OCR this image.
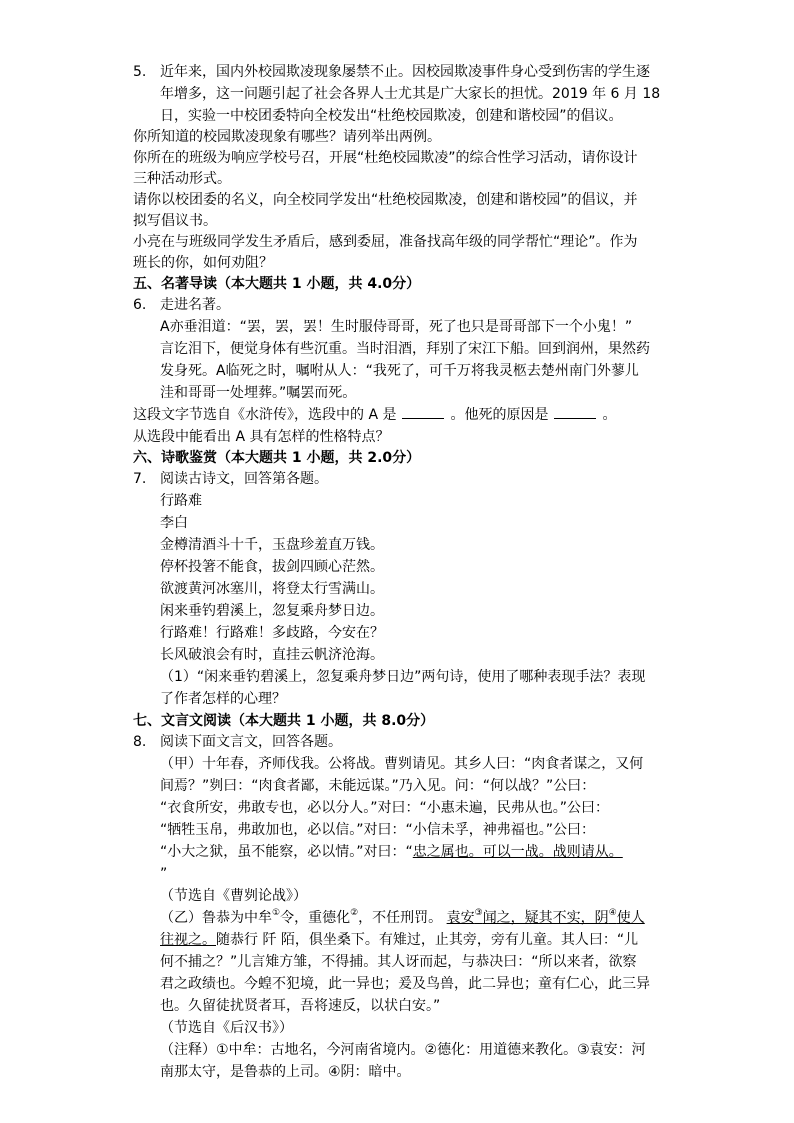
5. 近年来，国内外校园欺凌现象屡禁不止。因校园欺凌事件身心受到伤害的学生逐
年增多，这一问题引起了社会各界人士尤其是广大家长的担忧。2019 年 6 月 18
日，实验一中校团委特向全校发出“杜绝校园欺凌，创建和谐校园”的倡议。
你所知道的校园欺凌现象有哪些？请列举出两例。
你所在的班级为响应学校号召，开展“杜绝校园欺凌”的综合性学习活动，请你设计
三种活动形式。
请你以校团委的名义，向全校同学发出“杜绝校园欺凌，创建和谐校园”的倡议，并
拟写倡议书。
小亮在与班级同学发生矛盾后，感到委屈，准备找高年级的同学帮忙“理论”。作为
班长的你，如何劝阻？
五、名著导读（本大题共 1 小题，共 4.0分）
6. 走进名著。
A亦垂泪道：“罢，罢，罢！生时服侍哥哥，死了也只是哥哥部下一个小鬼！”
言讫泪下，便觉身体有些沉重。当时泪酒，拜别了宋江下船。回到润州，果然药
发身死。A临死之时，嘱咐从人：“我死了，可千万将我灵柩去楚州南门外蓼儿
洼和哥哥一处埋葬。”嘱罢而死。
这段文字节选自《水浒传》，选段中的 A 是	。他死的原因是	。
从选段中能看出 A 具有怎样的性格特点？
六、诗歌鉴赏（本大题共 1 小题，共 2.0分）
7. 阅读古诗文，回答第各题。
行路难
李白
金樽清酒斗十千，玉盘珍羞直万钱。
停杯投箸不能食，拔剑四顾心茫然。
欲渡黄河冰塞川，将登太行雪满山。
闲来垂钓碧溪上，忽复乘舟梦日边。
行路难！行路难！多歧路，今安在？
长风破浪会有时，直挂云帆济沧海。
（1）“闲来垂钓碧溪上，忽复乘舟梦日边”两句诗，使用了哪种表现手法？表现
了作者怎样的心理？
七、文言文阅读（本大题共 1 小题，共 8.0分）
8. 阅读下面文言文，回答各题。
（甲）十年春，齐师伐我。公将战。曹刿请见。其乡人曰：“肉食者谋之，又何
间焉？”刿曰：“肉食者鄙，未能远谋。”乃入见。问：“何以战？”公曰：
“衣食所安，弗敢专也，必以分人。”对曰：“小惠未遍，民弗从也。”公曰：
“牺牲玉帛，弗敢加也，必以信。”对曰：“小信未孚，神弗福也。”公曰：
“小大之狱，虽不能察，必以情。”对曰：“忠之属也。可以一战。战则请从。
”
（节选自《曹刿论战》）
（乙）鲁恭为中牟①令，重德化②，不任刑罚。 袁安③闻之，疑其不实，阴④使人
往视之。随恭行 阡 陌，俱坐桑下。有雉过，止其旁，旁有儿童。其人曰：“儿
何不捕之？”儿言雉方雏，不得捕。其人讶而起，与恭决曰：“所以来者，欲察
君之政绩也。今蝗不犯境，此一异也；爰及鸟兽，此二异也；童有仁心，此三异
也。久留徒扰贤者耳，吾将速反，以状白安。”
（节选自《后汉书》）
（注释）①中牟：古地名，今河南省境内。②德化：用道德来教化。③袁安：河
南那太守，是鲁恭的上司。④阴：暗中。
